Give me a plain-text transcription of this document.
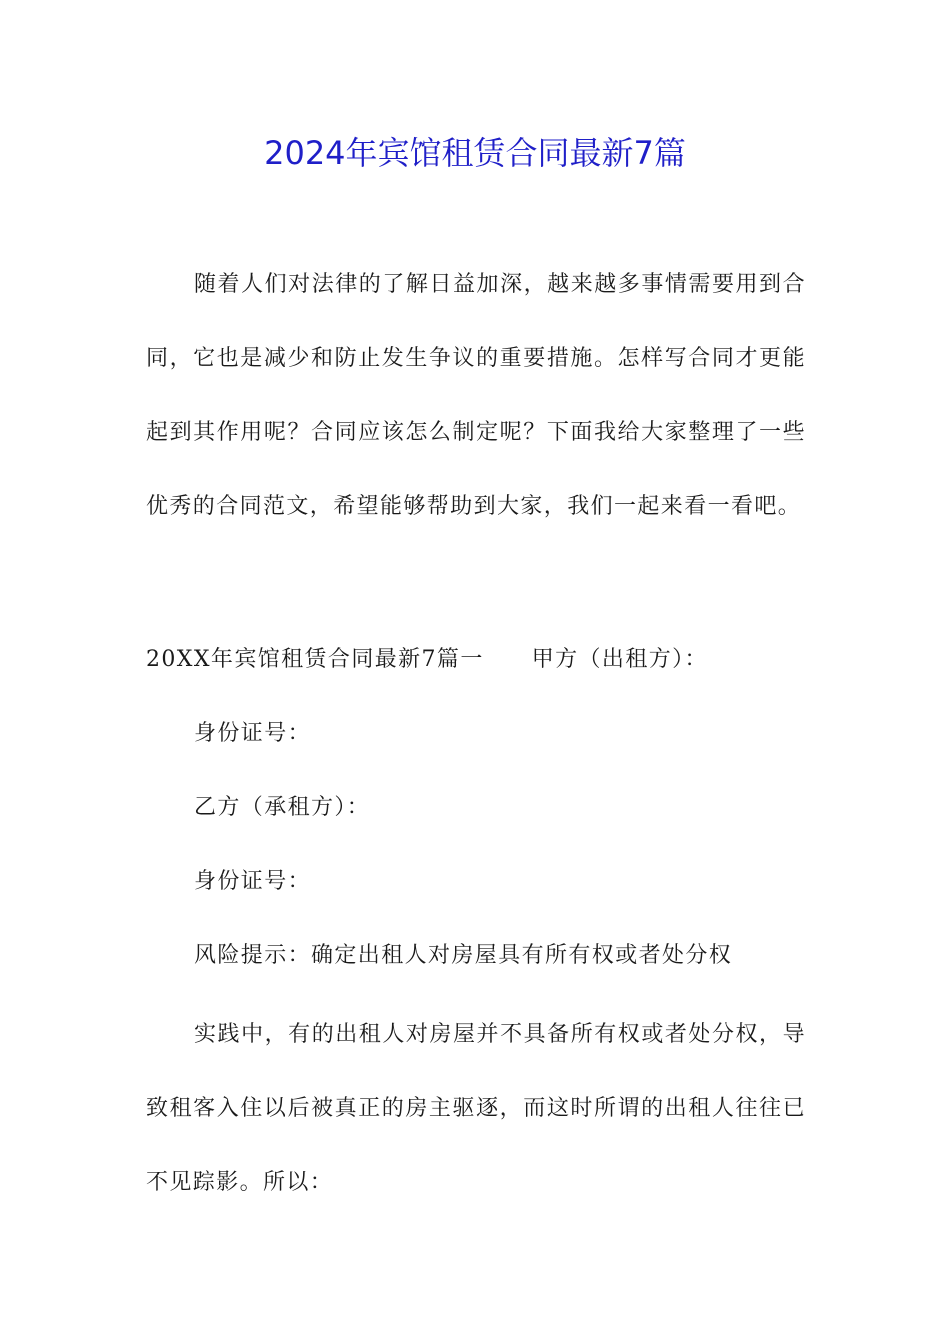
2024年宾馆租赁合同最新7篇

随着人们对法律的了解日益加深，越来越多事情需要用到合同，它也是减少和防止发生争议的重要措施。怎样写合同才更能起到其作用呢？合同应该怎么制定呢？下面我给大家整理了一些优秀的合同范文，希望能够帮助到大家，我们一起来看一看吧。

20XX年宾馆租赁合同最新7篇一 甲方（出租方）：
身份证号：
乙方（承租方）：
身份证号：
风险提示：确定出租人对房屋具有所有权或者处分权

实践中，有的出租人对房屋并不具备所有权或者处分权，导致租客入住以后被真正的房主驱逐，而这时所谓的出租人往往已不见踪影。所以：
